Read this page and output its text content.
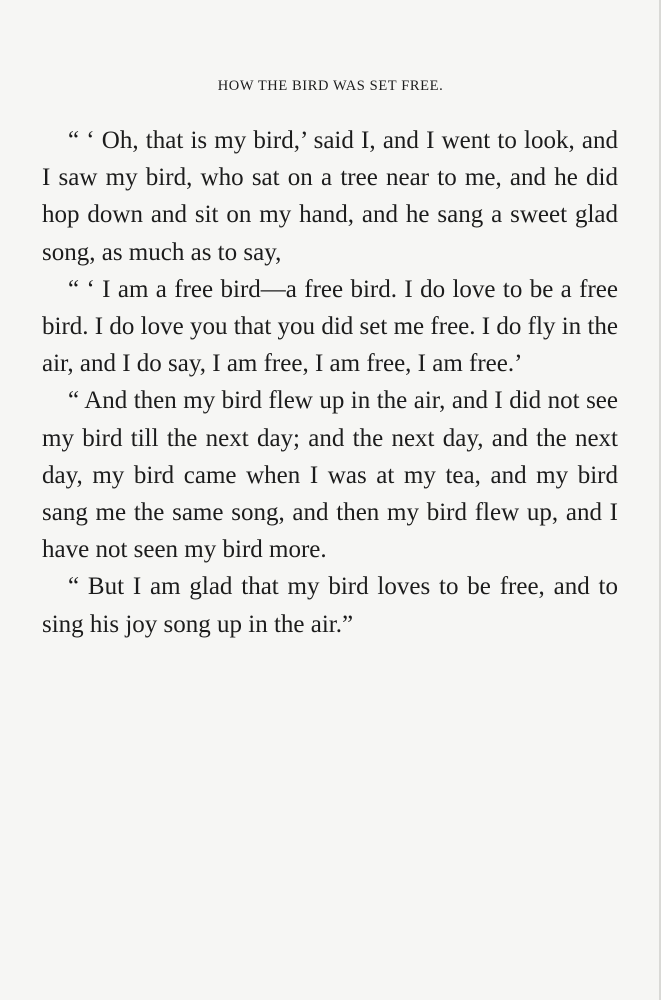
HOW THE BIRD WAS SET FREE.

“ ‘ Oh, that is my bird,’ said I, and I went to look, and I saw my bird, who sat on a tree near to me, and he did hop down and sit on my hand, and he sang a sweet glad song, as much as to say,

“ ‘ I am a free bird—a free bird. I do love to be a free bird. I do love you that you did set me free. I do fly in the air, and I do say, I am free, I am free, I am free.’

“ And then my bird flew up in the air, and I did not see my bird till the next day; and the next day, and the next day, my bird came when I was at my tea, and my bird sang me the same song, and then my bird flew up, and I have not seen my bird more.

“ But I am glad that my bird loves to be free, and to sing his joy song up in the air.”
